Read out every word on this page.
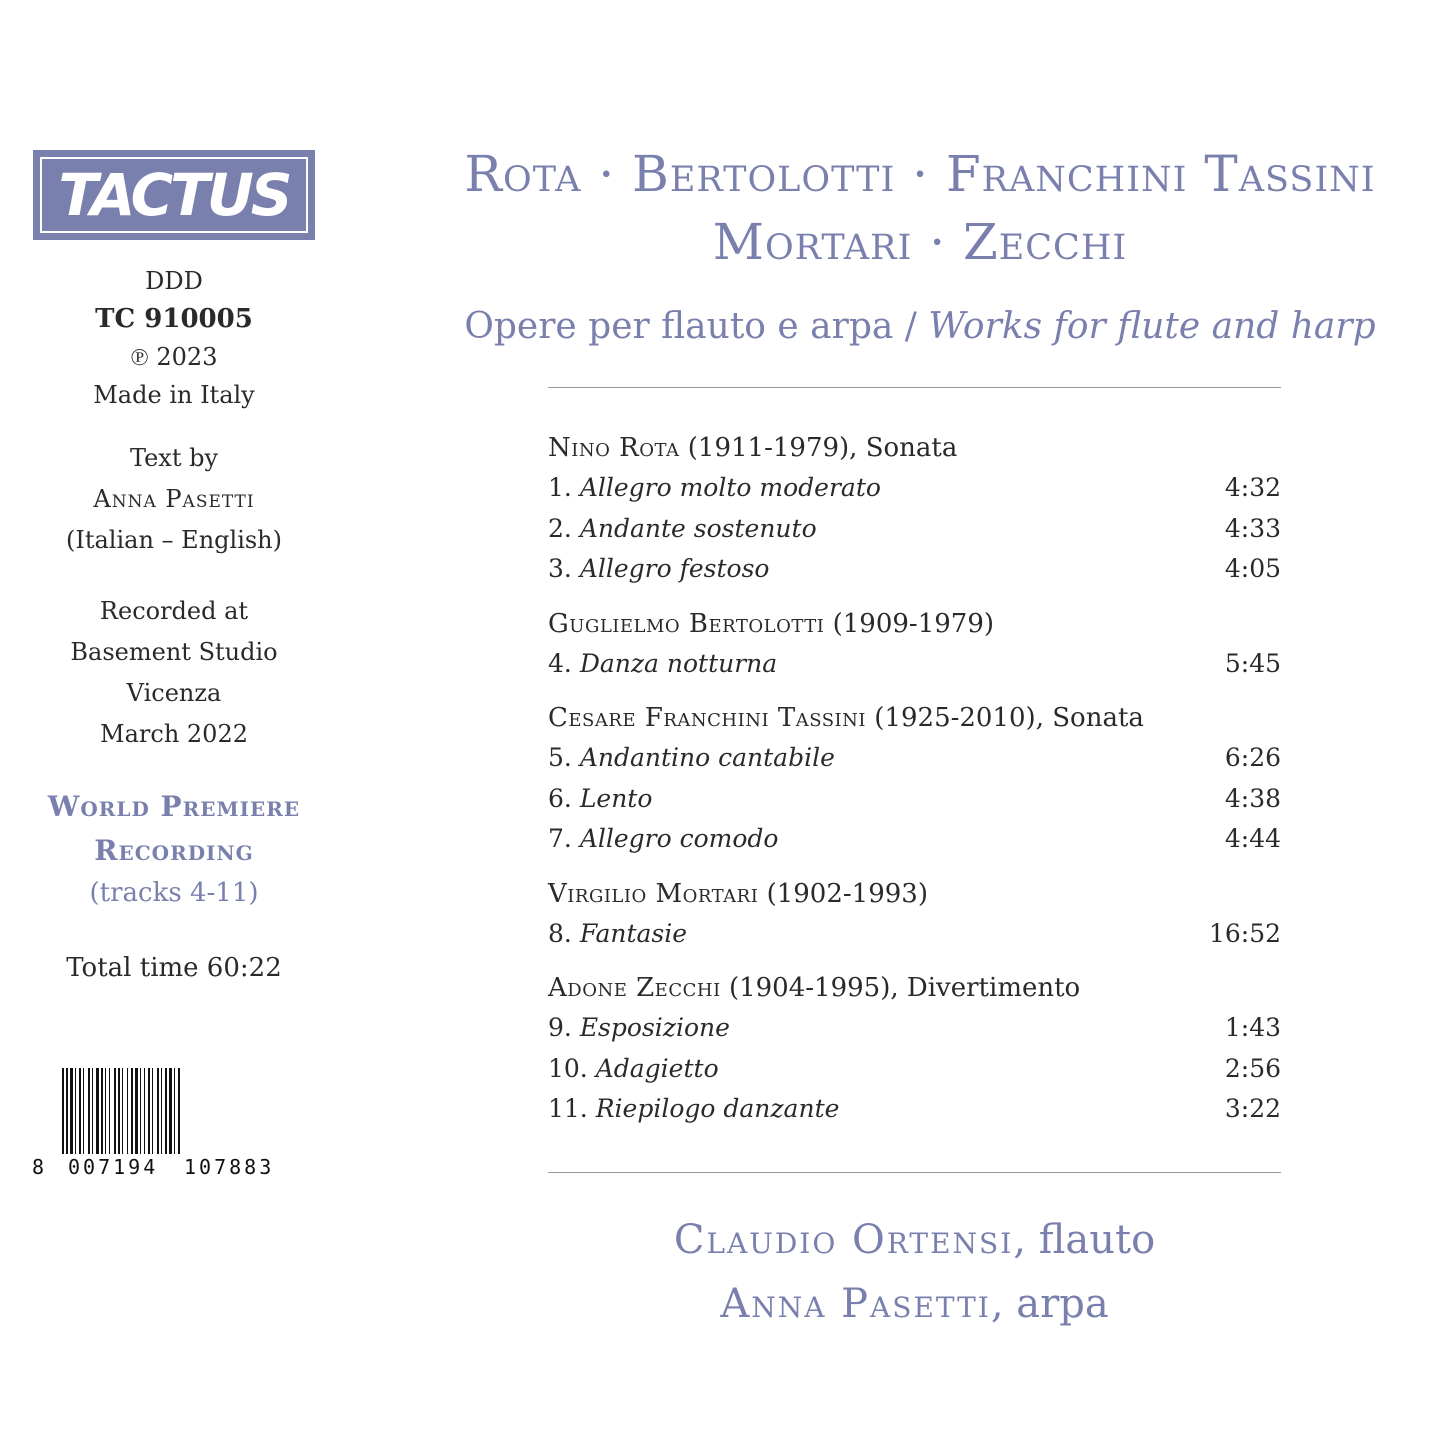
TACTUS
DDD
TC 910005
℗ 2023
Made in Italy
Text by
Anna Pasetti
(Italian – English)
Recorded at
Basement Studio
Vicenza
March 2022
World Premiere
Recording
(tracks 4-11)
Total time 60:22
8 007194 107883
Rota · Bertolotti · Franchini Tassini
Mortari · Zecchi
Opere per flauto e arpa / Works for flute and harp
Nino Rota (1911-1979), Sonata
1. Allegro molto moderato	4:32
2. Andante sostenuto	4:33
3. Allegro festoso	4:05
Guglielmo Bertolotti (1909-1979)
4. Danza notturna	5:45
Cesare Franchini Tassini (1925-2010), Sonata
5. Andantino cantabile	6:26
6. Lento	4:38
7. Allegro comodo	4:44
Virgilio Mortari (1902-1993)
8. Fantasie	16:52
Adone Zecchi (1904-1995), Divertimento
9. Esposizione	1:43
10. Adagietto	2:56
11. Riepilogo danzante	3:22
Claudio Ortensi, flauto
Anna Pasetti, arpa
